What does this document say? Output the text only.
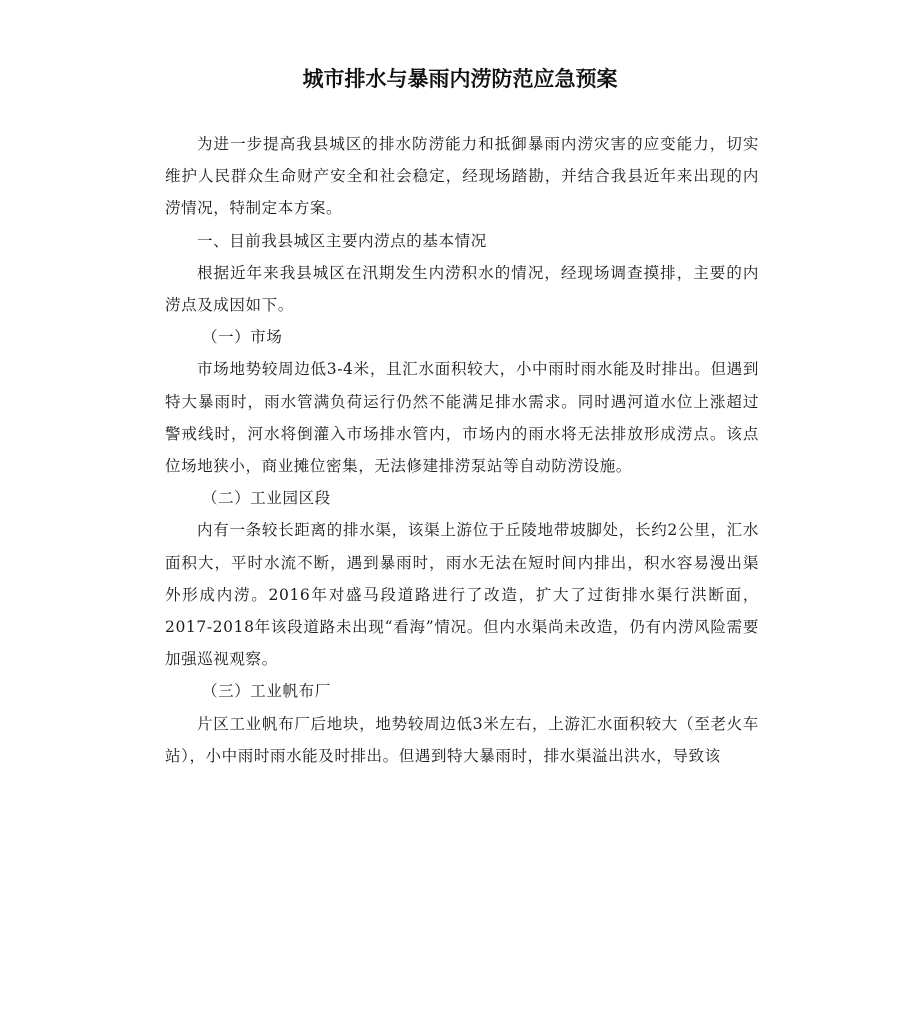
城市排水与暴雨内涝防范应急预案

为进一步提高我县城区的排水防涝能力和抵御暴雨内涝灾害的应变能力，切实维护人民群众生命财产安全和社会稳定，经现场踏勘，并结合我县近年来出现的内涝情况，特制定本方案。

一、目前我县城区主要内涝点的基本情况

根据近年来我县城区在汛期发生内涝积水的情况，经现场调查摸排，主要的内涝点及成因如下。

（一）市场

市场地势较周边低3-4米，且汇水面积较大，小中雨时雨水能及时排出。但遇到特大暴雨时，雨水管满负荷运行仍然不能满足排水需求。同时遇河道水位上涨超过警戒线时，河水将倒灌入市场排水管内，市场内的雨水将无法排放形成涝点。该点位场地狭小，商业摊位密集，无法修建排涝泵站等自动防涝设施。

（二）工业园区段

内有一条较长距离的排水渠，该渠上游位于丘陵地带坡脚处，长约2公里，汇水面积大，平时水流不断，遇到暴雨时，雨水无法在短时间内排出，积水容易漫出渠外形成内涝。2016年对盛马段道路进行了改造，扩大了过街排水渠行洪断面，2017-2018年该段道路未出现“看海”情况。但内水渠尚未改造，仍有内涝风险需要加强巡视观察。

（三）工业帆布厂

片区工业帆布厂后地块，地势较周边低3米左右，上游汇水面积较大（至老火车站），小中雨时雨水能及时排出。但遇到特大暴雨时，排水渠溢出洪水，导致该
